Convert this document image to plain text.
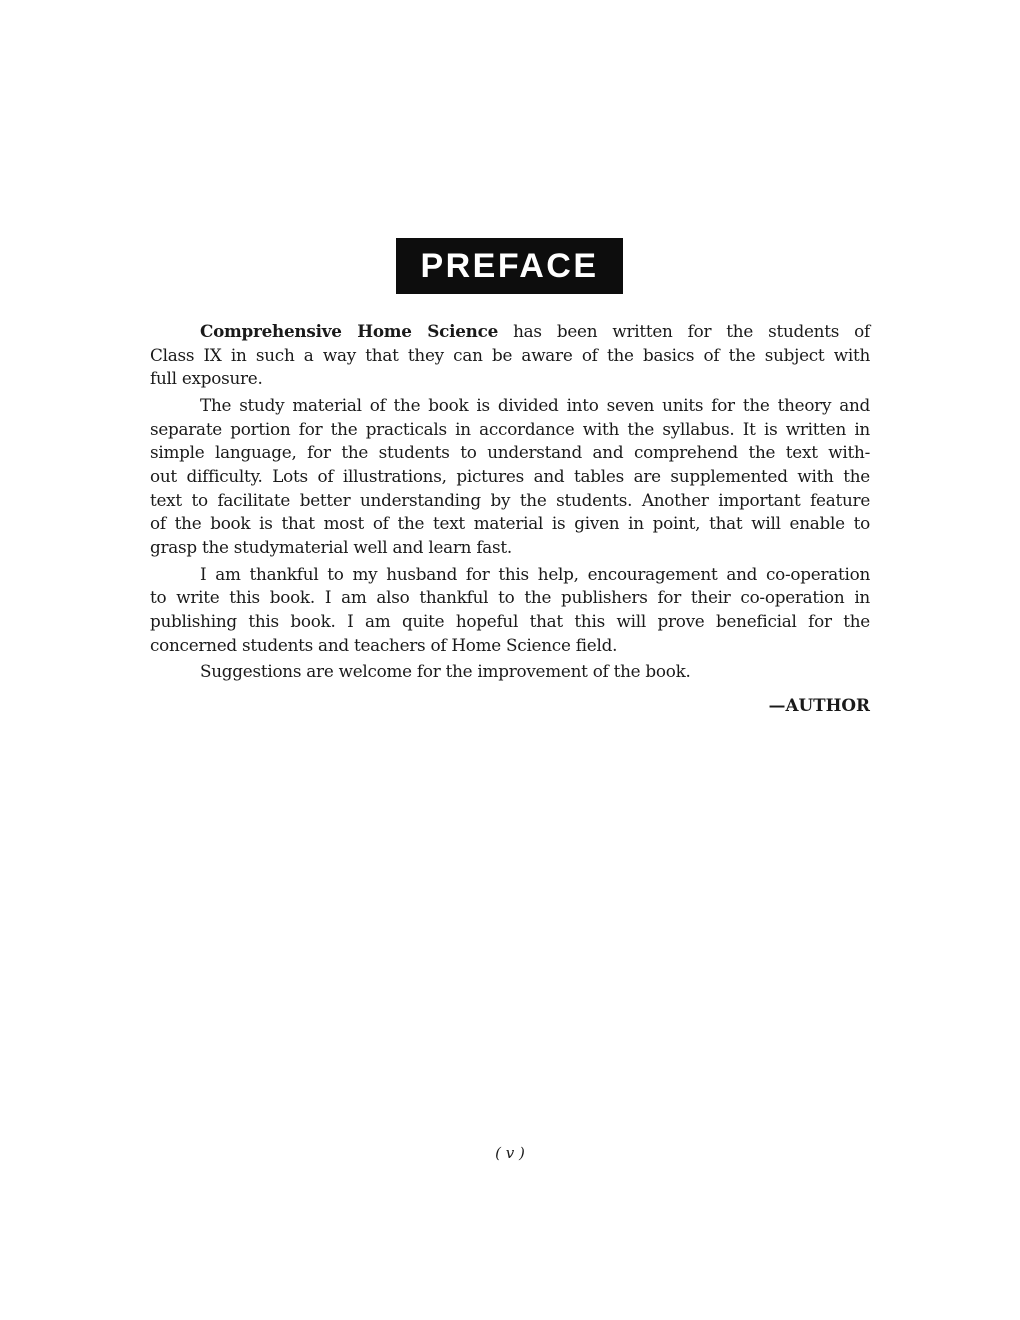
PREFACE
Comprehensive Home Science has been written for the students of
Class IX in such a way that they can be aware of the basics of the subject with
full exposure.
The study material of the book is divided into seven units for the theory and
separate portion for the practicals in accordance with the syllabus. It is written in
simple language, for the students to understand and comprehend the text with-
out difficulty. Lots of illustrations, pictures and tables are supplemented with the
text to facilitate better understanding by the students. Another important feature
of the book is that most of the text material is given in point, that will enable to
grasp the studymaterial well and learn fast.
I am thankful to my husband for this help, encouragement and co-operation
to write this book. I am also thankful to the publishers for their co-operation in
publishing this book. I am quite hopeful that this will prove beneficial for the
concerned students and teachers of Home Science field.
Suggestions are welcome for the improvement of the book.
—AUTHOR
( v )
